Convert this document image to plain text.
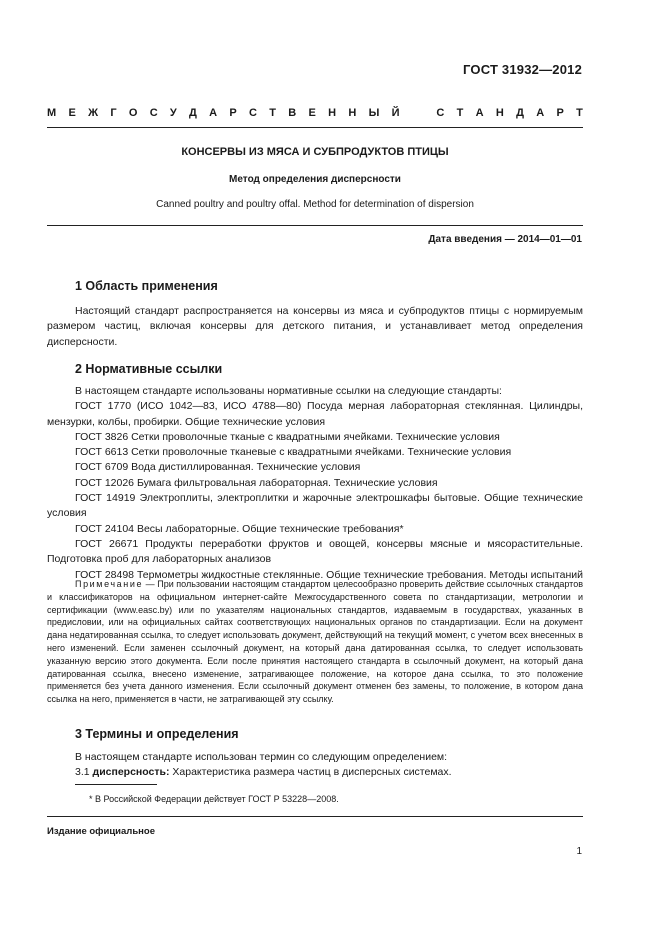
ГОСТ 31932—2012
М Е Ж Г О С У Д А Р С Т В Е Н Н Ы Й	С Т А Н Д А Р Т
КОНСЕРВЫ ИЗ МЯСА И СУБПРОДУКТОВ ПТИЦЫ
Метод определения дисперсности
Canned poultry and poultry offal. Method for determination of dispersion
Дата введения — 2014—01—01
1 Область применения

Настоящий стандарт распространяется на консервы из мяса и субпродуктов птицы с нормируемым размером частиц, включая консервы для детского питания, и устанавливает метод определения дисперсности.

2 Нормативные ссылки

В настоящем стандарте использованы нормативные ссылки на следующие стандарты:

ГОСТ 1770 (ИСО 1042—83, ИСО 4788—80) Посуда мерная лабораторная стеклянная. Цилиндры, мензурки, колбы, пробирки. Общие технические условия

ГОСТ 3826 Сетки проволочные тканые с квадратными ячейками. Технические условия

ГОСТ 6613 Сетки проволочные тканевые с квадратными ячейками. Технические условия

ГОСТ 6709 Вода дистиллированная. Технические условия

ГОСТ 12026 Бумага фильтровальная лабораторная. Технические условия

ГОСТ 14919 Электроплиты, электроплитки и жарочные электрошкафы бытовые. Общие технические условия

ГОСТ 24104 Весы лабораторные. Общие технические требования*

ГОСТ 26671 Продукты переработки фруктов и овощей, консервы мясные и мясорастительные. Подготовка проб для лабораторных анализов

ГОСТ 28498 Термометры жидкостные стеклянные. Общие технические требования. Методы испытаний

Примечание — При пользовании настоящим стандартом целесообразно проверить действие ссылочных стандартов и классификаторов на официальном интернет-сайте Межгосударственного совета по стандартизации, метрологии и сертификации (www.easc.by) или по указателям национальных стандартов, издаваемым в государствах, указанных в предисловии, или на официальных сайтах соответствующих национальных органов по стандартизации. Если на документ дана недатированная ссылка, то следует использовать документ, действующий на текущий момент, с учетом всех внесенных в него изменений. Если заменен ссылочный документ, на который дана датированная ссылка, то следует использовать указанную версию этого документа. Если после принятия настоящего стандарта в ссылочный документ, на который дана датированная ссылка, внесено изменение, затрагивающее положение, на которое дана ссылка, то это положение применяется без учета данного изменения. Если ссылочный документ отменен без замены, то положение, в котором дана ссылка на него, применяется в части, не затрагивающей эту ссылку.

3 Термины и определения

В настоящем стандарте использован термин со следующим определением:

3.1 дисперсность: Характеристика размера частиц в дисперсных системах.

* В Российской Федерации действует ГОСТ Р 53228—2008.
Издание официальное
1
